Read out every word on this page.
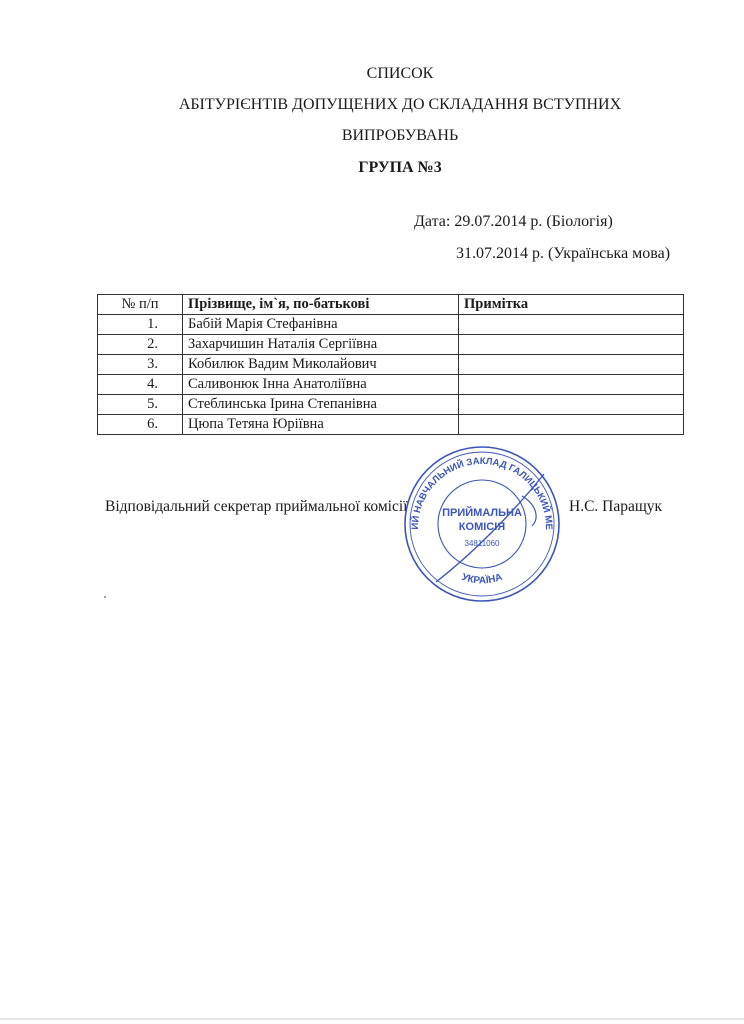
СПИСОК
АБІТУРІЄНТІВ ДОПУЩЕНИХ ДО СКЛАДАННЯ ВСТУПНИХ
ВИПРОБУВАНЬ
ГРУПА №3
Дата: 29.07.2014 р. (Біологія)
31.07.2014 р. (Українська мова)
№ п/п	Прізвище, ім`я, по-батькові	Примітка
1.	Бабій Марія Стефанівна	
2.	Захарчишин Наталія Сергіївна	
3.	Кобилюк Вадим Миколайович	
4.	Саливонюк Інна Анатоліївна	
5.	Стеблинська Ірина Степанівна	
6.	Цюпа Тетяна Юріївна	
Відповідальний секретар приймальної комісії	Н.С. Паращук
ИЙ НАВЧАЛЬНИЙ ЗАКЛАД ГАЛИЦЬКИЙ МЕ
УКРАЇНА
ПРИЙМАЛЬНА
КОМІСІЯ
34811060
